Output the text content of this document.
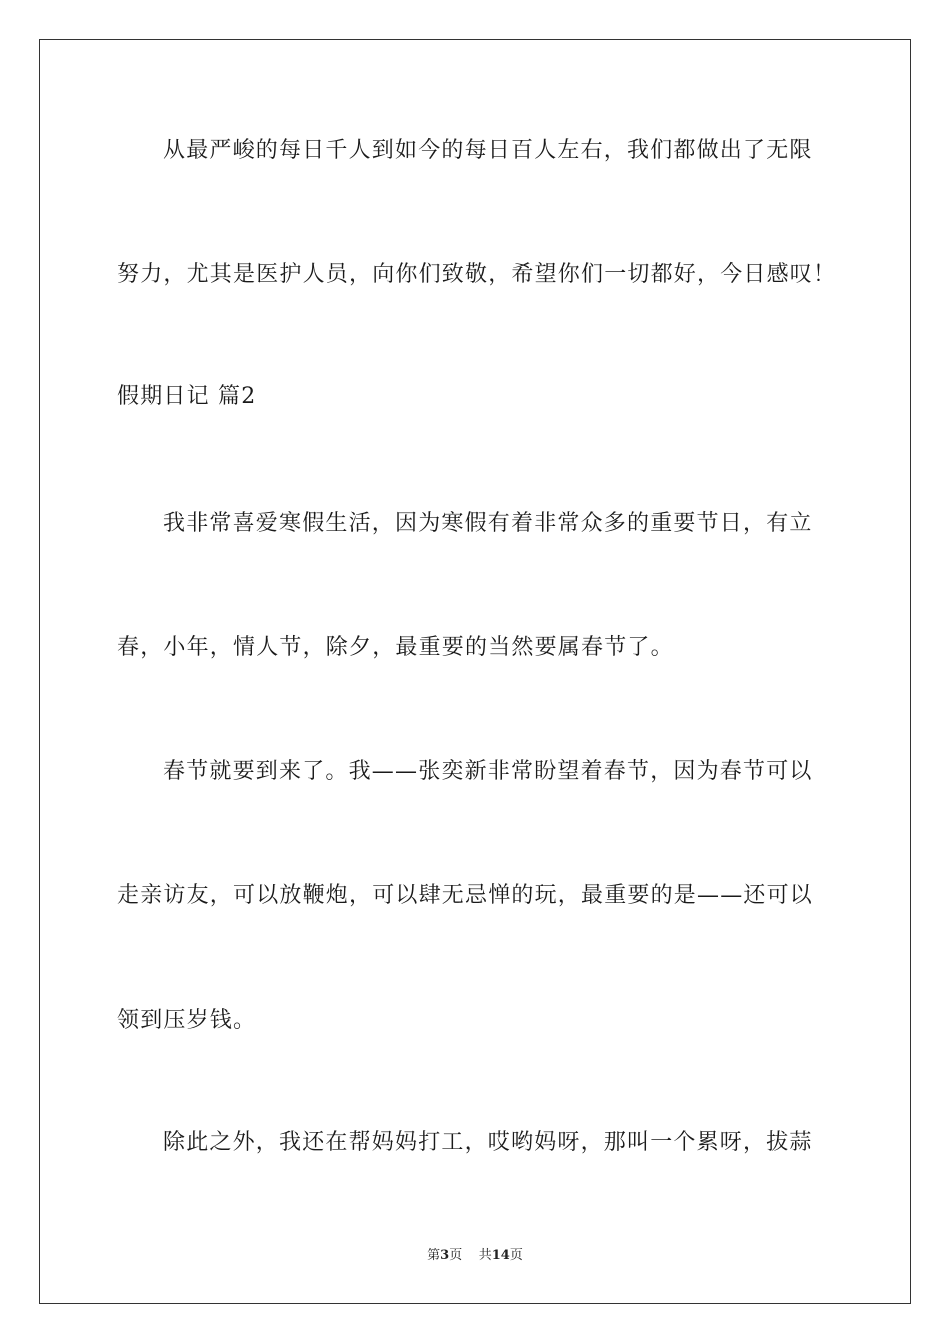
从最严峻的每日千人到如今的每日百人左右，我们都做出了无限
努力，尤其是医护人员，向你们致敬，希望你们一切都好，今日感叹！
假期日记 篇2
我非常喜爱寒假生活，因为寒假有着非常众多的重要节日，有立
春，小年，情人节，除夕，最重要的当然要属春节了。
春节就要到来了。我——张奕新非常盼望着春节，因为春节可以
走亲访友，可以放鞭炮，可以肆无忌惮的玩，最重要的是——还可以
领到压岁钱。
除此之外，我还在帮妈妈打工，哎哟妈呀，那叫一个累呀，拔蒜
第3页 共14页
